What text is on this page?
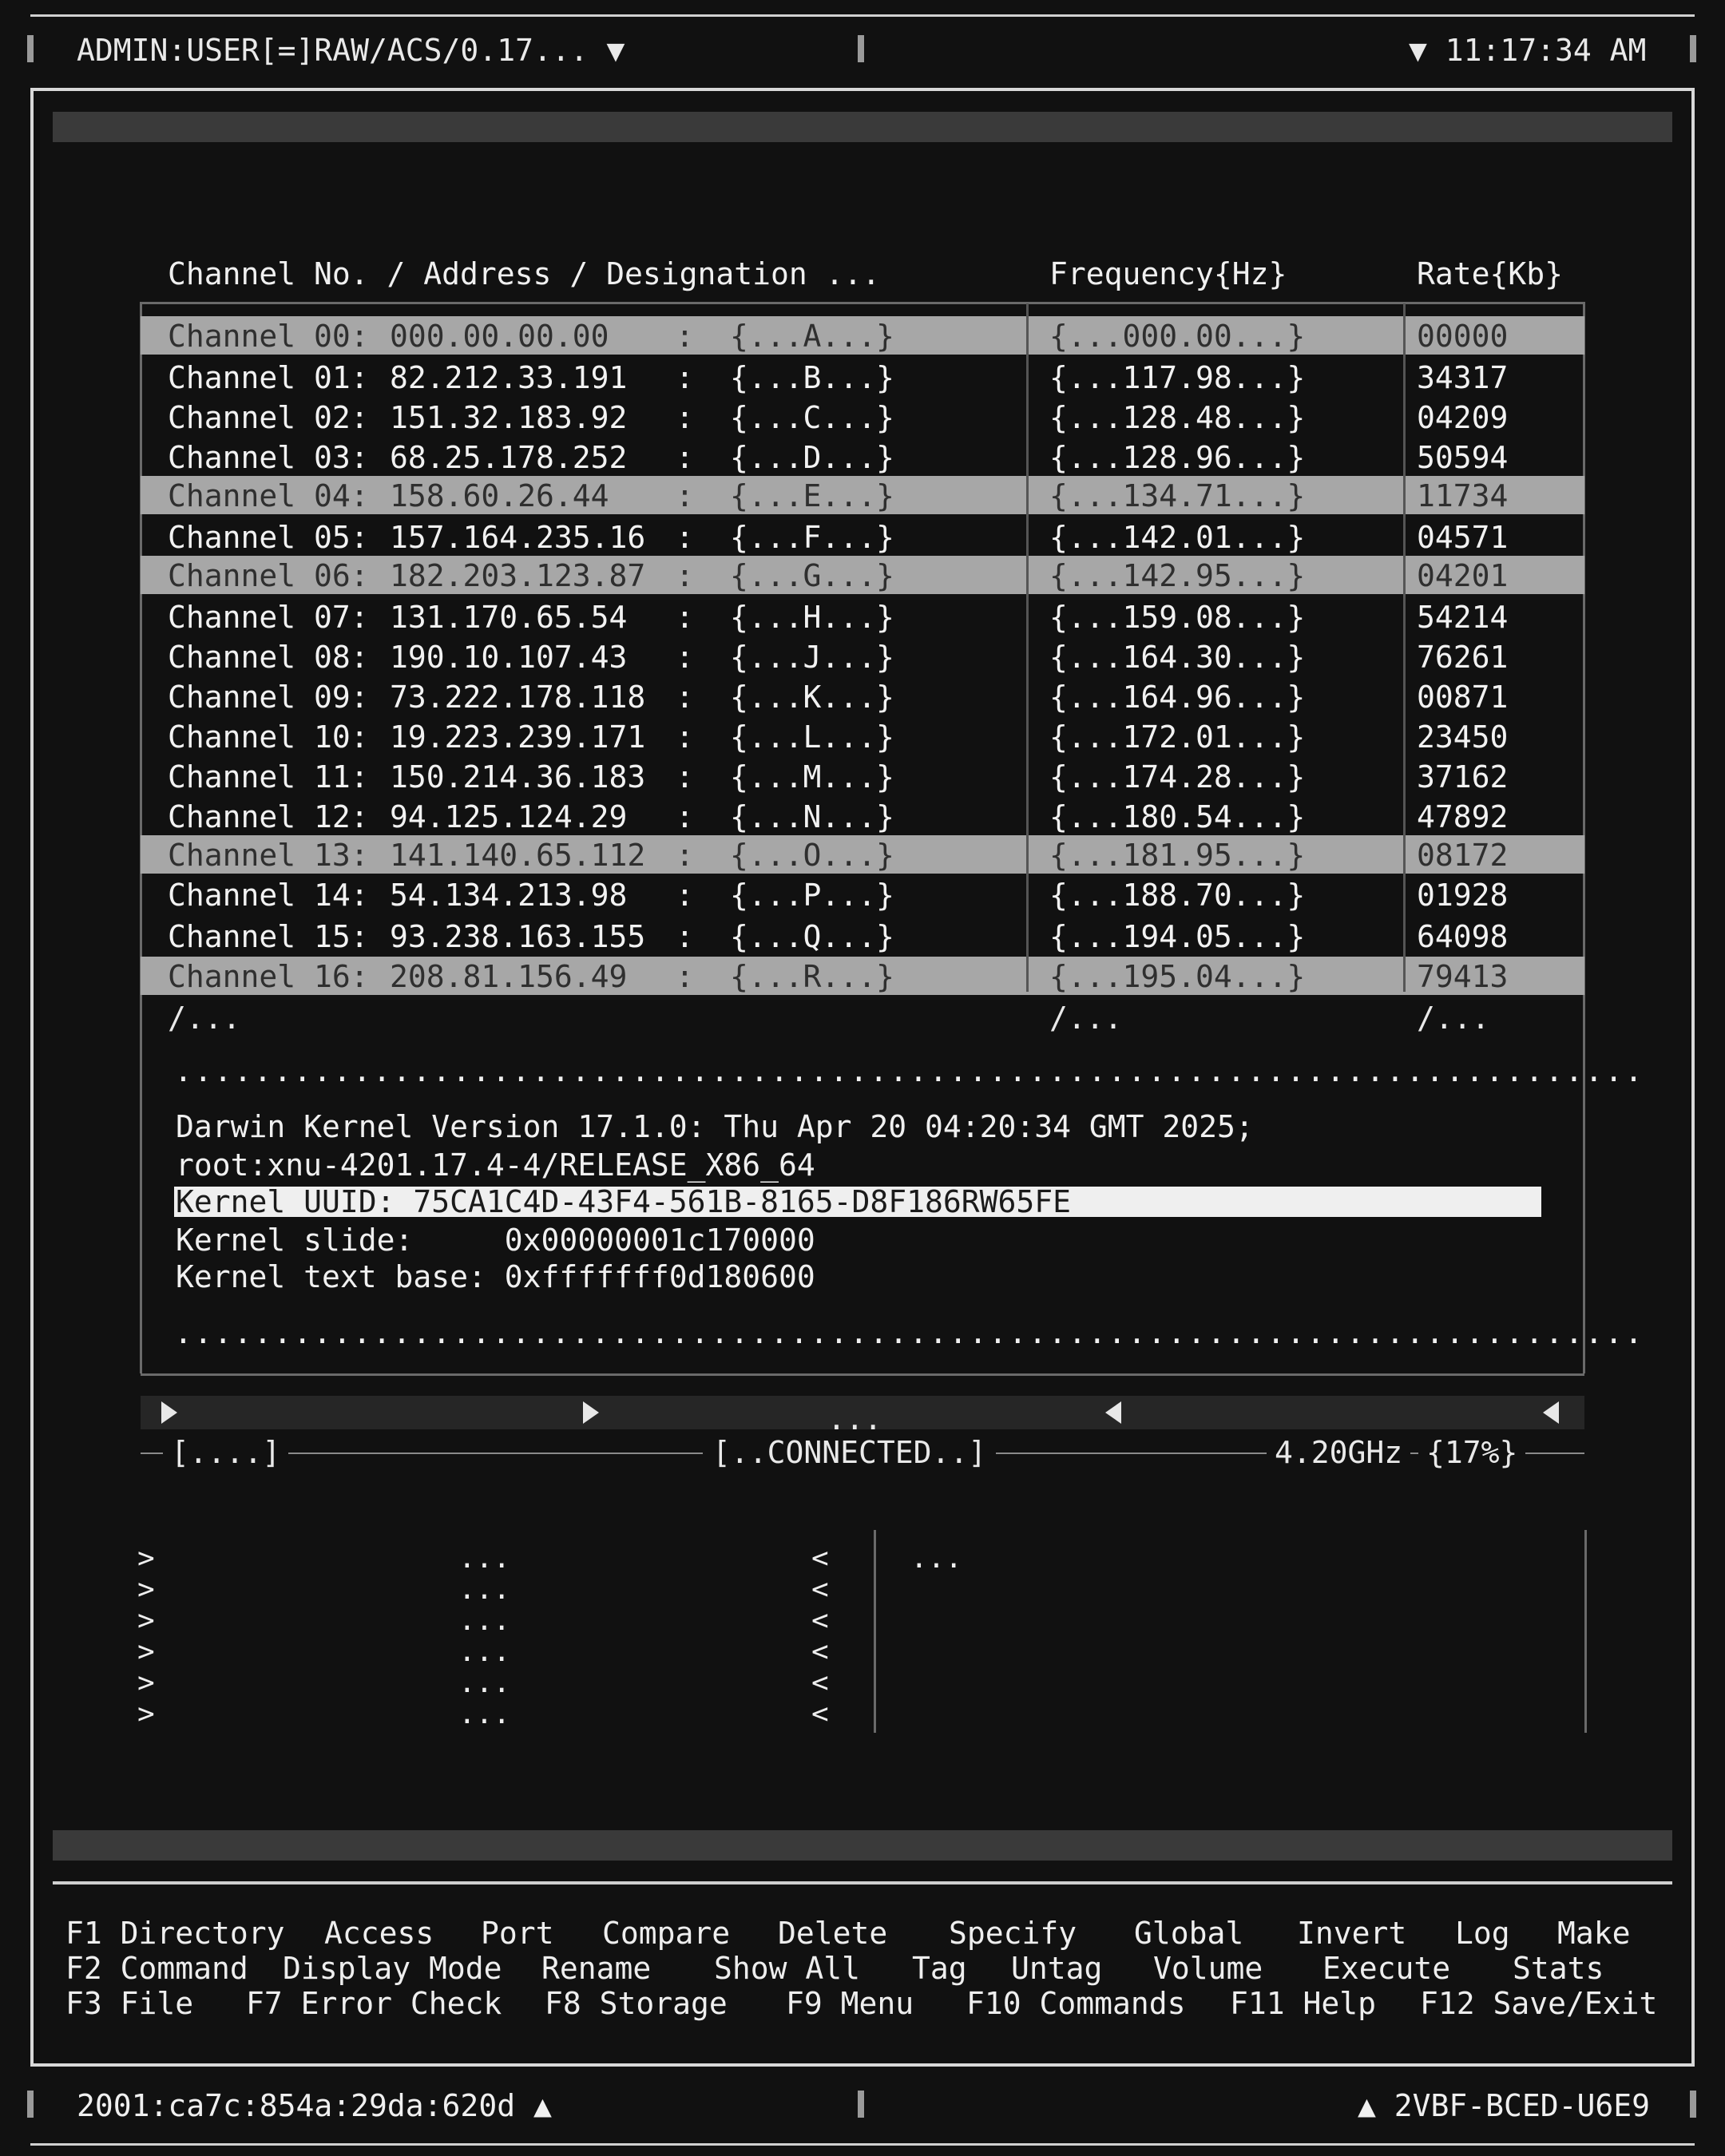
ADMIN:USER[=]RAW/ACS/0.17... ▼	▼ 11:17:34 AM
Channel No. / Address / Designation ...	Frequency{Hz}	Rate{Kb}
Channel 00: 000.00.00.00 : {...A...}	{...000.00...}	00000
Channel 01: 82.212.33.191 : {...B...}	{...117.98...}	34317
Channel 02: 151.32.183.92 : {...C...}	{...128.48...}	04209
Channel 03: 68.25.178.252 : {...D...}	{...128.96...}	50594
Channel 04: 158.60.26.44 : {...E...}	{...134.71...}	11734
Channel 05: 157.164.235.16 : {...F...}	{...142.01...}	04571
Channel 06: 182.203.123.87 : {...G...}	{...142.95...}	04201
Channel 07: 131.170.65.54 : {...H...}	{...159.08...}	54214
Channel 08: 190.10.107.43 : {...J...}	{...164.30...}	76261
Channel 09: 73.222.178.118 : {...K...}	{...164.96...}	00871
Channel 10: 19.223.239.171 : {...L...}	{...172.01...}	23450
Channel 11: 150.214.36.183 : {...M...}	{...174.28...}	37162
Channel 12: 94.125.124.29 : {...N...}	{...180.54...}	47892
Channel 13: 141.140.65.112 : {...O...}	{...181.95...}	08172
Channel 14: 54.134.213.98 : {...P...}	{...188.70...}	01928
Channel 15: 93.238.163.155 : {...Q...}	{...194.05...}	64098
Channel 16: 208.81.156.49 : {...R...}	{...195.04...}	79413
/...	/...	/...
..........................................................................
Darwin Kernel Version 17.1.0: Thu Apr 20 04:20:34 GMT 2025;
root:xnu-4201.17.4-4/RELEASE_X86_64
Kernel UUID: 75CA1C4D-43F4-561B-8165-D8F186RW65FE
Kernel slide:     0x00000001c170000
Kernel text base: 0xfffffff0d180600
..........................................................................
...
[....]	[..CONNECTED..]	4.20GHz {17%}
>	...	<
>	...	<
>	...	<
>	...	<
>	...	<
>	...	<
...
F1 Directory Access Port Compare Delete Specify Global Invert Log Make
F2 Command Display Mode Rename Show All Tag Untag Volume Execute Stats
F3 File F7 Error Check F8 Storage F9 Menu F10 Commands F11 Help F12 Save/Exit
2001:ca7c:854a:29da:620d ▲	▲ 2VBF-BCED-U6E9
